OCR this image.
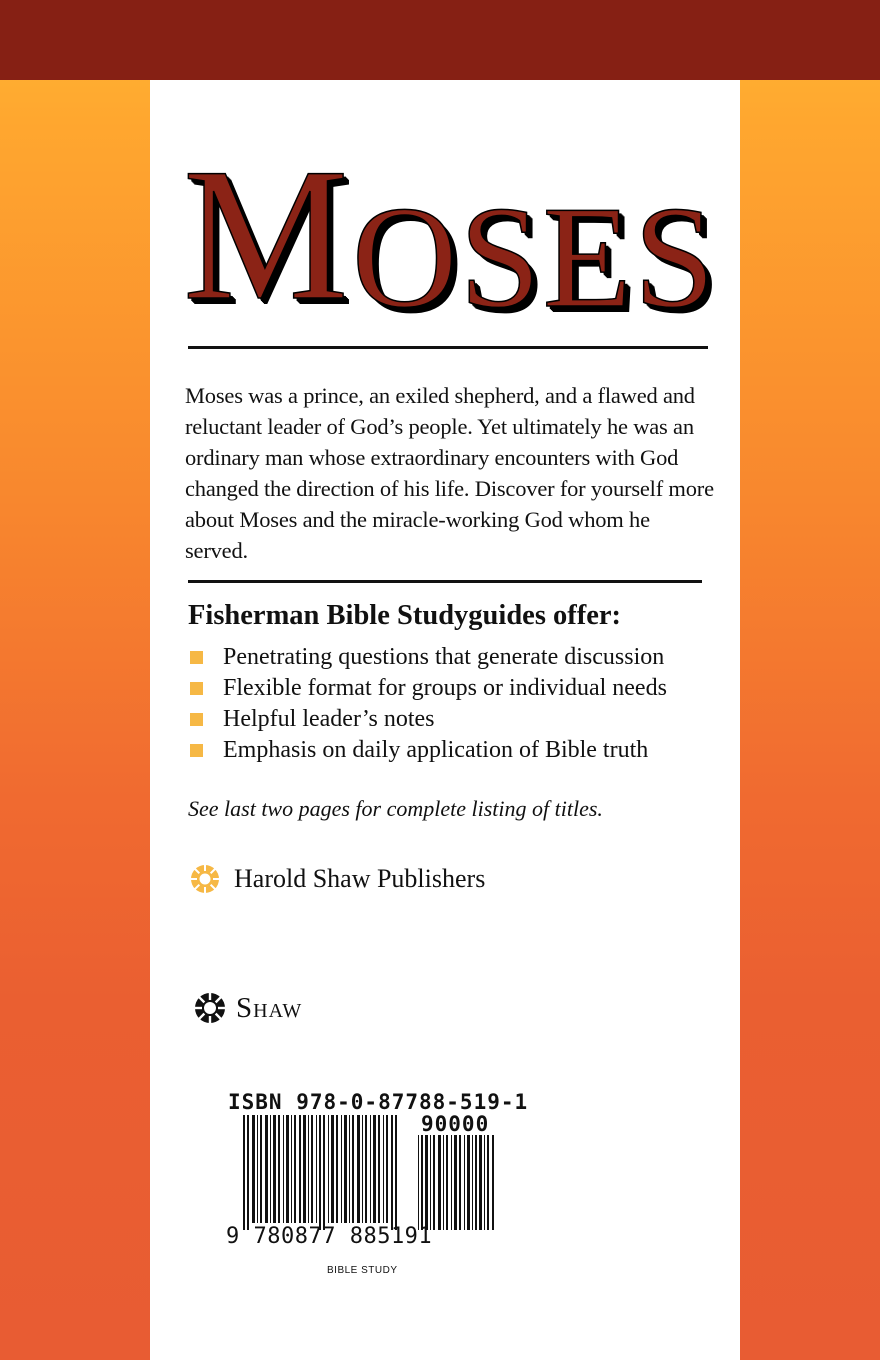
MOSES

Moses was a prince, an exiled shepherd, and a flawed and reluctant leader of God’s people. Yet ultimately he was an ordinary man whose extraordinary encounters with God changed the direction of his life. Discover for yourself more about Moses and the miracle-working God whom he served.

Fisherman Bible Studyguides offer:
Penetrating questions that generate discussion
Flexible format for groups or individual needs
Helpful leader’s notes
Emphasis on daily application of Bible truth

See last two pages for complete listing of titles.

Harold Shaw Publishers
Shaw
ISBN 978-0-87788-519-1
90000
9 780877 885191
BIBLE STUDY
